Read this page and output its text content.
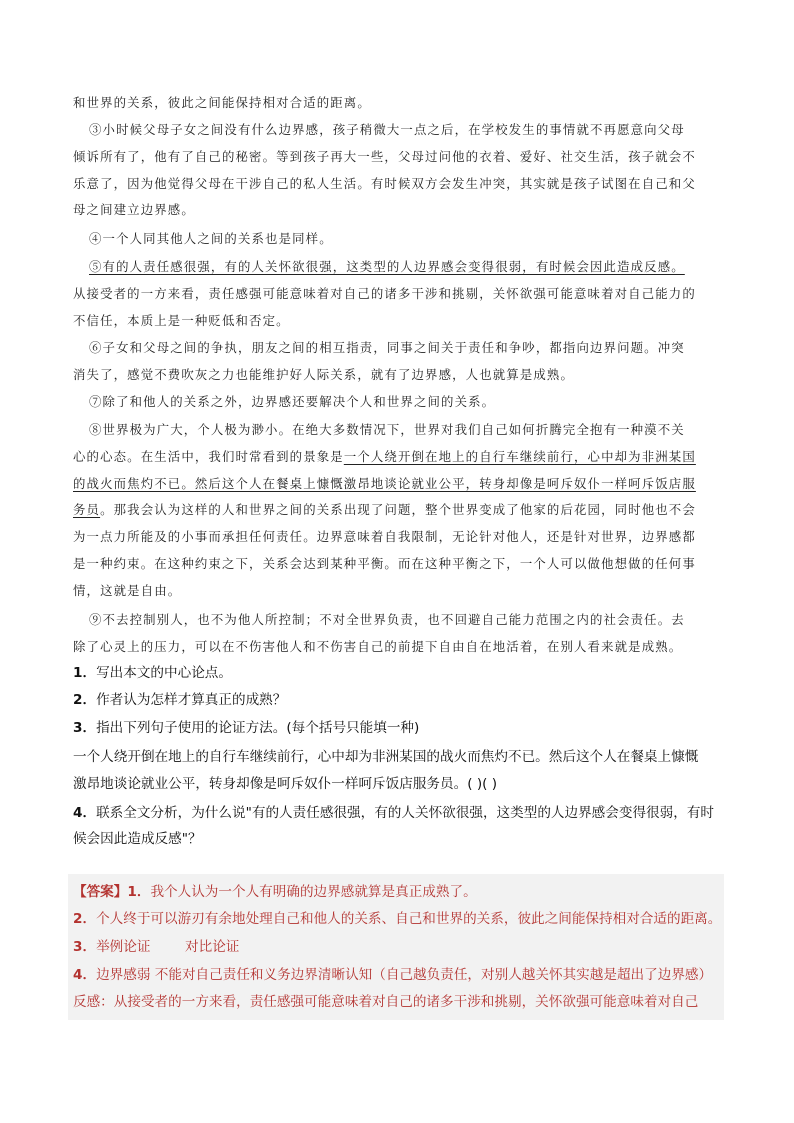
和世界的关系，彼此之间能保持相对合适的距离。
③小时候父母子女之间没有什么边界感，孩子稍微大一点之后，在学校发生的事情就不再愿意向父母
倾诉所有了，他有了自己的秘密。等到孩子再大一些，父母过问他的衣着、爱好、社交生活，孩子就会不
乐意了，因为他觉得父母在干涉自己的私人生活。有时候双方会发生冲突，其实就是孩子试图在自己和父
母之间建立边界感。
④一个人同其他人之间的关系也是同样。
⑤有的人责任感很强，有的人关怀欲很强，这类型的人边界感会变得很弱，有时候会因此造成反感。
从接受者的一方来看，责任感强可能意味着对自己的诸多干涉和挑剔，关怀欲强可能意味着对自己能力的
不信任，本质上是一种贬低和否定。
⑥子女和父母之间的争执，朋友之间的相互指责，同事之间关于责任和争吵，都指向边界问题。冲突
消失了，感觉不费吹灰之力也能维护好人际关系，就有了边界感，人也就算是成熟。
⑦除了和他人的关系之外，边界感还要解决个人和世界之间的关系。
⑧世界极为广大，个人极为渺小。在绝大多数情况下，世界对我们自己如何折腾完全抱有一种漠不关
心的心态。在生活中，我们时常看到的景象是一个人绕开倒在地上的自行车继续前行，心中却为非洲某国
的战火而焦灼不已。然后这个人在餐桌上慷慨激昂地谈论就业公平，转身却像是呵斥奴仆一样呵斥饭店服
务员。那我会认为这样的人和世界之间的关系出现了问题，整个世界变成了他家的后花园，同时他也不会
为一点力所能及的小事而承担任何责任。边界意味着自我限制，无论针对他人，还是针对世界，边界感都
是一种约束。在这种约束之下，关系会达到某种平衡。而在这种平衡之下，一个人可以做他想做的任何事
情，这就是自由。
⑨不去控制别人，也不为他人所控制；不对全世界负责，也不回避自己能力范围之内的社会责任。去
除了心灵上的压力，可以在不伤害他人和不伤害自己的前提下自由自在地活着，在别人看来就是成熟。
1．写出本文的中心论点。
2．作者认为怎样才算真正的成熟？
3．指出下列句子使用的论证方法。(每个括号只能填一种)
一个人绕开倒在地上的自行车继续前行，心中却为非洲某国的战火而焦灼不已。然后这个人在餐桌上慷慨
激昂地谈论就业公平，转身却像是呵斥奴仆一样呵斥饭店服务员。( )( )
4．联系全文分析，为什么说"有的人责任感很强，有的人关怀欲很强，这类型的人边界感会变得很弱，有时
候会因此造成反感"？
【答案】1．我个人认为一个人有明确的边界感就算是真正成熟了。
2．个人终于可以游刃有余地处理自己和他人的关系、自己和世界的关系，彼此之间能保持相对合适的距离。
3．举例论证        对比论证
4．边界感弱 不能对自己责任和义务边界清晰认知（自己越负责任，对别人越关怀其实越是超出了边界感）
反感：从接受者的一方来看，责任感强可能意味着对自己的诸多干涉和挑剔，关怀欲强可能意味着对自己
